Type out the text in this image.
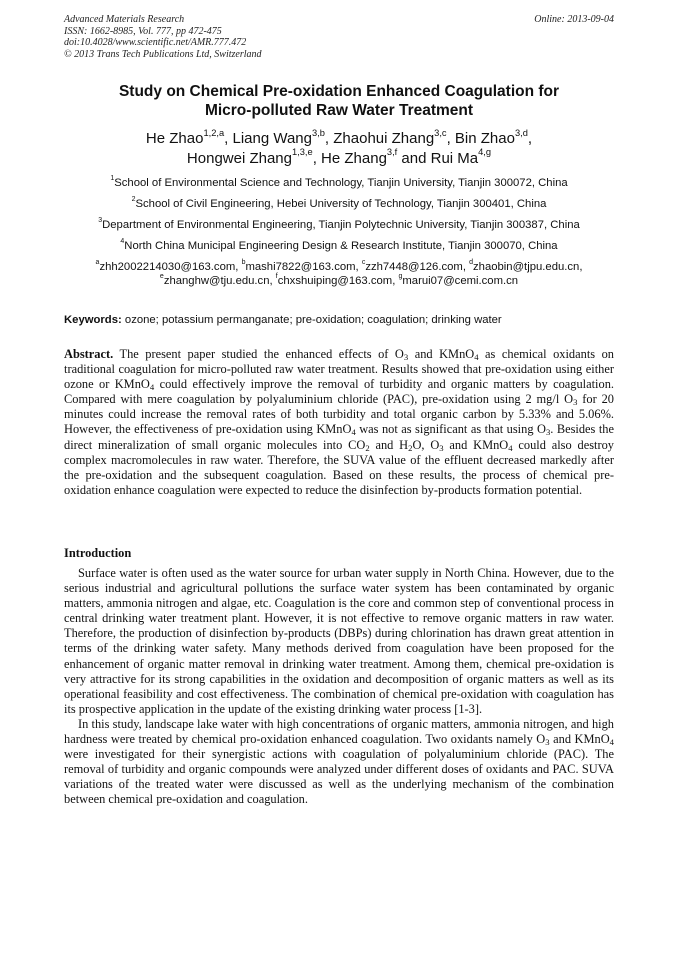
Advanced Materials Research
ISSN: 1662-8985, Vol. 777, pp 472-475
doi:10.4028/www.scientific.net/AMR.777.472
© 2013 Trans Tech Publications Ltd, Switzerland
Online: 2013-09-04
Study on Chemical Pre-oxidation Enhanced Coagulation for
Micro-polluted Raw Water Treatment
He Zhao$^{1,2,a}$, Liang Wang$^{3,b}$, Zhaohui Zhang$^{3,c}$, Bin Zhao$^{3,d}$,
Hongwei Zhang$^{1,3,e}$, He Zhang$^{3,f}$ and Rui Ma$^{4,g}$
$^1$School of Environmental Science and Technology, Tianjin University, Tianjin 300072, China
$^2$School of Civil Engineering, Hebei University of Technology, Tianjin 300401, China
$^3$Department of Environmental Engineering, Tianjin Polytechnic University, Tianjin 300387, China
$^4$North China Municipal Engineering Design & Research Institute, Tianjin 300070, China
$^a$zhh2002214030@163.com, $^b$mashi7822@163.com, $^c$zzh7448@126.com, $^d$zhaobin@tjpu.edu.cn,
$^e$zhanghw@tju.edu.cn, $^f$chxshuiping@163.com, $^g$marui07@cemi.com.cn
Keywords: ozone; potassium permanganate; pre-oxidation; coagulation; drinking water
Abstract. The present paper studied the enhanced effects of $O_3$ and KMnO$_4$ as chemical oxidants on traditional coagulation for micro-polluted raw water treatment. Results showed that pre-oxidation using either ozone or KMnO$_4$ could effectively improve the removal of turbidity and organic matters by coagulation. Compared with mere coagulation by polyaluminium chloride (PAC), pre-oxidation using 2 mg/l $O_3$ for 20 minutes could increase the removal rates of both turbidity and total organic carbon by 5.33% and 5.06%. However, the effectiveness of pre-oxidation using KMnO$_4$ was not as significant as that using $O_3$. Besides the direct mineralization of small organic molecules into $CO_2$ and $H_2O$, $O_3$ and KMnO$_4$ could also destroy complex macromolecules in raw water. Therefore, the SUVA value of the effluent decreased markedly after the pre-oxidation and the subsequent coagulation. Based on these results, the process of chemical pre-oxidation enhance coagulation were expected to reduce the disinfection by-products formation potential.
Introduction

Surface water is often used as the water source for urban water supply in North China. However, due to the serious industrial and agricultural pollutions the surface water system has been contaminated by organic matters, ammonia nitrogen and algae, etc. Coagulation is the core and common step of conventional process in central drinking water treatment plant. However, it is not effective to remove organic matters in raw water. Therefore, the production of disinfection by-products (DBPs) during chlorination has drawn great attention in terms of the drinking water safety. Many methods derived from coagulation have been proposed for the enhancement of organic matter removal in drinking water treatment. Among them, chemical pre-oxidation is very attractive for its strong capabilities in the oxidation and decomposition of organic matters as well as its operational feasibility and cost effectiveness. The combination of chemical pre-oxidation with coagulation has its prospective application in the update of the existing drinking water process [1-3].

In this study, landscape lake water with high concentrations of organic matters, ammonia nitrogen, and high hardness were treated by chemical pro-oxidation enhanced coagulation. Two oxidants namely $O_3$ and KMnO$_4$ were investigated for their synergistic actions with coagulation of polyaluminium chloride (PAC). The removal of turbidity and organic compounds were analyzed under different doses of oxidants and PAC. SUVA variations of the treated water were discussed as well as the underlying mechanism of the combination between chemical pre-oxidation and coagulation.
